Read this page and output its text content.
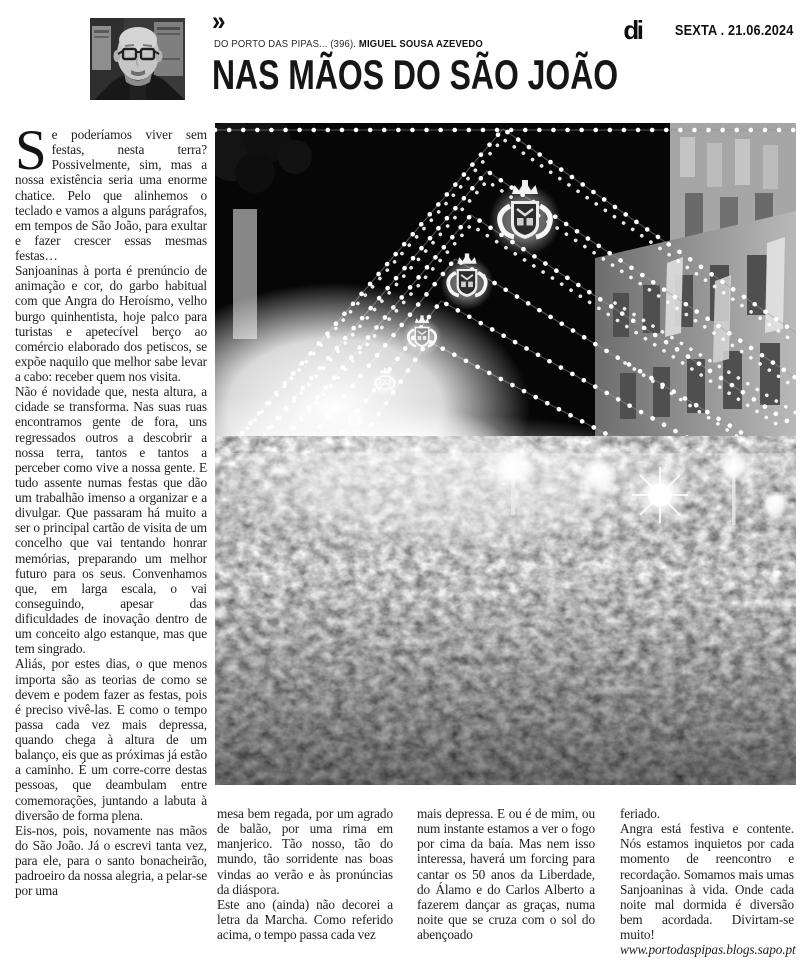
»
DO PORTO DAS PIPAS... (396). MIGUEL SOUSA AZEVEDO
NAS MÃOS DO SÃO JOÃO
di SEXTA . 21.06.2024

Se poderíamos viver sem festas, nesta terra? Possivelmente, sim, mas a nossa existência seria uma enorme chatice. Pelo que alinhemos o teclado e vamos a alguns parágrafos, em tempos de São João, para exultar e fazer crescer essas mesmas festas…

Sanjoaninas à porta é prenúncio de animação e cor, do garbo habitual com que Angra do Heroísmo, velho burgo quinhentista, hoje palco para turistas e apetecível berço ao comércio elaborado dos petiscos, se expõe naquilo que melhor sabe levar a cabo: receber quem nos visita.

Não é novidade que, nesta altura, a cidade se transforma. Nas suas ruas encontramos gente de fora, uns regressados outros a descobrir a nossa terra, tantos e tantos a perceber como vive a nossa gente. E tudo assente numas festas que dão um trabalhão imenso a organizar e a divulgar. Que passaram há muito a ser o principal cartão de visita de um concelho que vai tentando honrar memórias, preparando um melhor futuro para os seus. Convenhamos que, em larga escala, o vai conseguindo, apesar das dificuldades de inovação dentro de um conceito algo estanque, mas que tem singrado.

Aliás, por estes dias, o que menos importa são as teorias de como se devem e podem fazer as festas, pois é preciso vivê-las. E como o tempo passa cada vez mais depressa, quando chega à altura de um balanço, eis que as próximas já estão a caminho. É um corre-corre destas pessoas, que deambulam entre comemorações, juntando a labuta à diversão de forma plena.

Eis-nos, pois, novamente nas mãos do São João. Já o escrevi tanta vez, para ele, para o santo bonacheirão, padroeiro da nossa alegria, a pelar-se por uma

mesa bem regada, por um agrado de balão, por uma rima em manjerico. Tão nosso, tão do mundo, tão sorridente nas boas vindas ao verão e às pronúncias da diáspora.

Este ano (ainda) não decorei a letra da Marcha. Como referido acima, o tempo passa cada vez

mais depressa. E ou é de mim, ou num instante estamos a ver o fogo por cima da baía. Mas nem isso interessa, haverá um forcing para cantar os 50 anos da Liberdade, do Álamo e do Carlos Alberto a fazerem dançar as graças, numa noite que se cruza com o sol do abençoado

feriado.

Angra está festiva e contente. Nós estamos inquietos por cada momento de reencontro e recordação. Somamos mais umas Sanjoaninas à vida. Onde cada noite mal dormida é diversão bem acordada. Divirtam-se muito!

www.portodaspipas.blogs.sapo.pt
